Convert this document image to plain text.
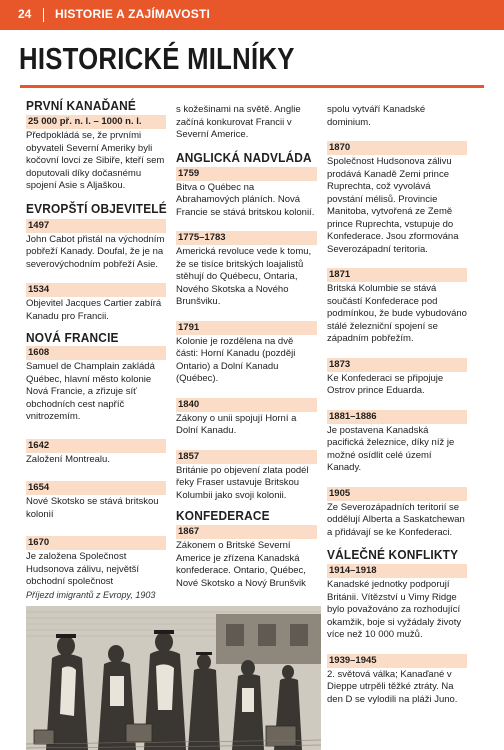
24 HISTORIE A ZAJÍMAVOSTI
HISTORICKÉ MILNÍKY
PRVNÍ KANAĎANÉ
25 000 př. n. l. – 1000 n. l.

Předpokládá se, že prvními obyvateli Severní Ameriky byli kočovní lovci ze Sibiře, kteří sem doputovali díky dočasnému spojení Asie s Aljaškou.

EVROPŠTÍ OBJEVITELÉ
1497

John Cabot přistál na východním pobřeží Kanady. Doufal, že je na severovýchodním pobřeží Asie.

1534

Objevitel Jacques Cartier zabírá Kanadu pro Francii.

NOVÁ FRANCIE
1608

Samuel de Champlain zakládá Québec, hlavní město kolonie Nová Francie, a zřizuje síť obchodních cest napříč vnitrozemím.

1642

Založení Montrealu.

1654

Nové Skotsko se stává britskou kolonií

1670

Je založena Společnost Hudsonova zálivu, největší obchodní společnost

s kožešinami na světě. Anglie začíná konkurovat Francii v Severní Americe.

ANGLICKÁ NADVLÁDA
1759

Bitva o Québec na Abrahamových pláních. Nová Francie se stává britskou kolonií.

1775–1783

Americká revoluce vede k tomu, že se tisíce britských loajalistů stěhují do Québecu, Ontaria, Nového Skotska a Nového Brunšviku.

1791

Kolonie je rozdělena na dvě části: Horní Kanadu (později Ontario) a Dolní Kanadu (Québec).

1840

Zákony o unii spojují Horní a Dolní Kanadu.

1857

Británie po objevení zlata podél řeky Fraser ustavuje Britskou Kolumbii jako svoji kolonii.

KONFEDERACE
1867

Zákonem o Britské Severní Americe je zřízena Kanadská konfederace. Ontario, Québec, Nové Skotsko a Nový Brunšvik

spolu vytváří Kanadské dominium.

1870

Společnost Hudsonova zálivu prodává Kanadě Zemi prince Ruprechta, což vyvolává povstání mélisů. Provincie Manitoba, vytvořená ze Země prince Ruprechta, vstupuje do Konfederace. Jsou zformována Severozápadní teritoria.

1871

Britská Kolumbie se stává součástí Konfederace pod podmínkou, že bude vybudováno stálé železniční spojení se západním pobřežím.

1873

Ke Konfederaci se připojuje Ostrov prince Eduarda.

1881–1886

Je postavena Kanadská pacifická železnice, díky níž je možné osídlit celé území Kanady.

1905

Ze Severozápadních teritorií se oddělují Alberta a Saskatchewan a přidávají se ke Konfederaci.

VÁLEČNÉ KONFLIKTY
1914–1918

Kanadské jednotky podporují Británii. Vítězství u Vimy Ridge bylo považováno za rozhodující okamžik, boje si vyžádaly životy více než 10 000 mužů.

1939–1945

2. světová válka; Kanaďané v Dieppe utrpěli těžké ztráty. Na den D se vylodili na pláži Juno.

Příjezd imigrantů z Evropy, 1903
